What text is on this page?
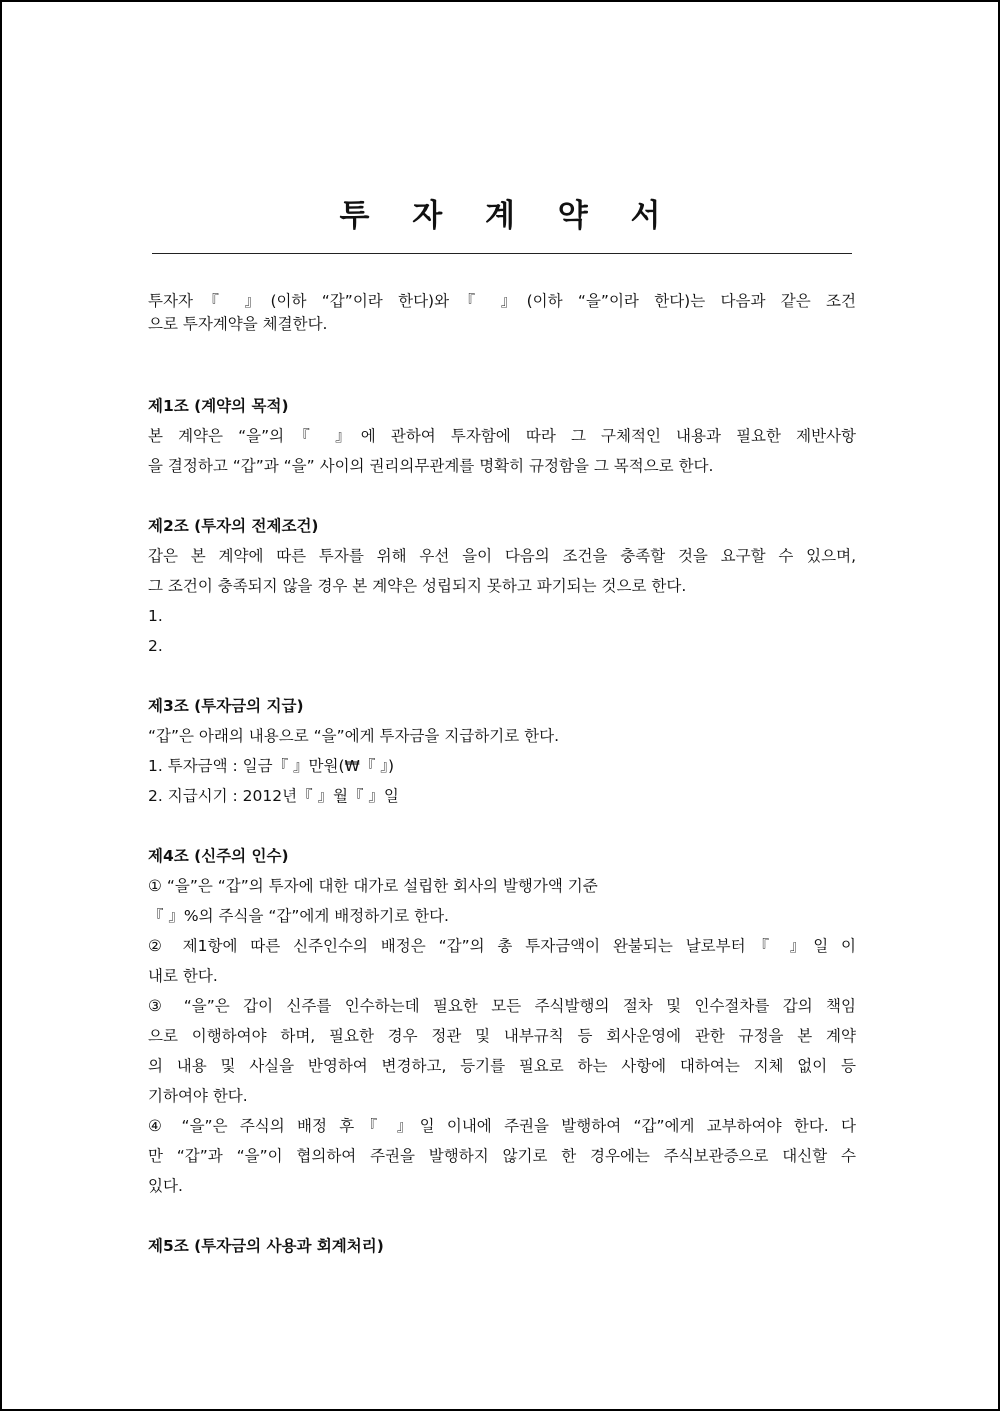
투 자 계 약 서

투자자『 』(이하 “갑”이라 한다)와『 』(이하 “을”이라 한다)는 다음과 같은 조건

으로 투자계약을 체결한다.

제1조 (계약의 목적)

본 계약은 “을”의『 』에 관하여 투자함에 따라 그 구체적인 내용과 필요한 제반사항

을 결정하고 “갑”과 “을” 사이의 권리의무관계를 명확히 규정함을 그 목적으로 한다.

제2조 (투자의 전제조건)

갑은 본 계약에 따른 투자를 위해 우선 을이 다음의 조건을 충족할 것을 요구할 수 있으며,

그 조건이 충족되지 않을 경우 본 계약은 성립되지 못하고 파기되는 것으로 한다.

1.

2.

제3조 (투자금의 지급)

“갑”은 아래의 내용으로 “을”에게 투자금을 지급하기로 한다.

1. 투자금액 : 일금『 』만원(₩『 』)

2. 지급시기 : 2012년『 』월『 』일

제4조 (신주의 인수)

① “을”은 “갑”의 투자에 대한 대가로 설립한 회사의 발행가액 기준

『 』%의 주식을 “갑”에게 배정하기로 한다.

② 제1항에 따른 신주인수의 배정은 “갑”의 총 투자금액이 완불되는 날로부터『 』일 이

내로 한다.

③ “을”은 갑이 신주를 인수하는데 필요한 모든 주식발행의 절차 및 인수절차를 갑의 책임

으로 이행하여야 하며, 필요한 경우 정관 및 내부규칙 등 회사운영에 관한 규정을 본 계약

의 내용 및 사실을 반영하여 변경하고, 등기를 필요로 하는 사항에 대하여는 지체 없이 등

기하여야 한다.

④ “을”은 주식의 배정 후『 』일 이내에 주권을 발행하여 “갑”에게 교부하여야 한다. 다

만 “갑”과 “을”이 협의하여 주권을 발행하지 않기로 한 경우에는 주식보관증으로 대신할 수

있다.

제5조 (투자금의 사용과 회계처리)
